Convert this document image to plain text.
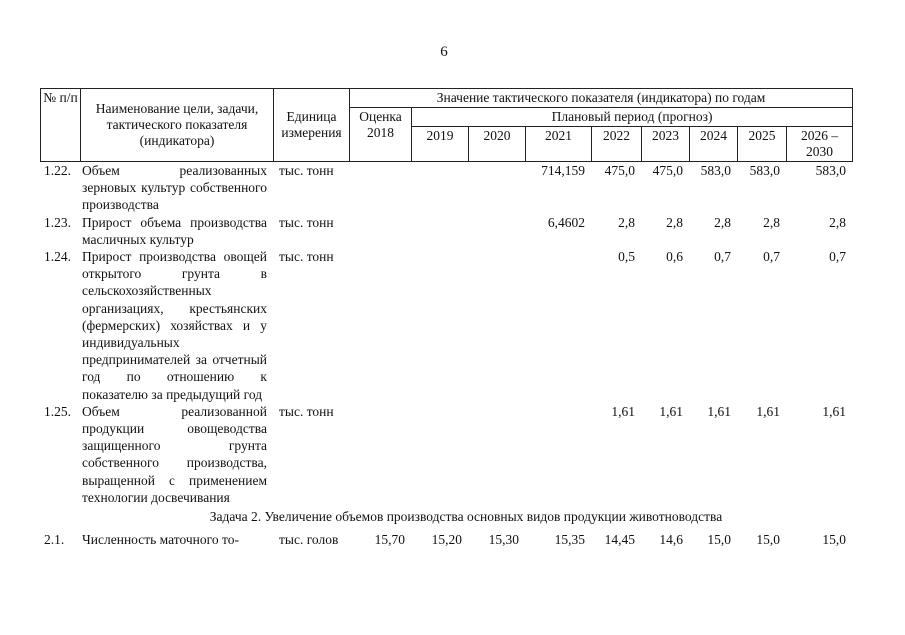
6
№ п/п	Наименование цели, задачи, тактического показателя (индикатора)	Единица измерения	Значение тактического показателя (индикатора) по годам								
			Оценка 2018	Плановый период (прогноз)							
				2019	2020	2021	2022	2023	2024	2025	2026 – 2030
1.22.	Объем реализованных зерновых культур собственного производства	тыс. тонн				714,159	475,0	475,0	583,0	583,0	583,0
1.23.	Прирост объема производства масличных культур	тыс. тонн				6,4602	2,8	2,8	2,8	2,8	2,8
1.24.	Прирост производства овощей открытого грунта в сельскохозяйственных организациях, крестьянских (фермерских) хозяйствах и у индивидуальных предпринимателей за отчетный год по отношению к показателю за предыдущий год	тыс. тонн					0,5	0,6	0,7	0,7	0,7
1.25.	Объем реализованной продукции овощеводства защищенного грунта собственного производства, выращенной с применением технологии досвечивания	тыс. тонн					1,61	1,61	1,61	1,61	1,61
Задача 2. Увеличение объемов производства основных видов продукции животноводства											
2.1.	Численность маточного то-	тыс. голов	15,70	15,20	15,30	15,35	14,45	14,6	15,0	15,0	15,0
